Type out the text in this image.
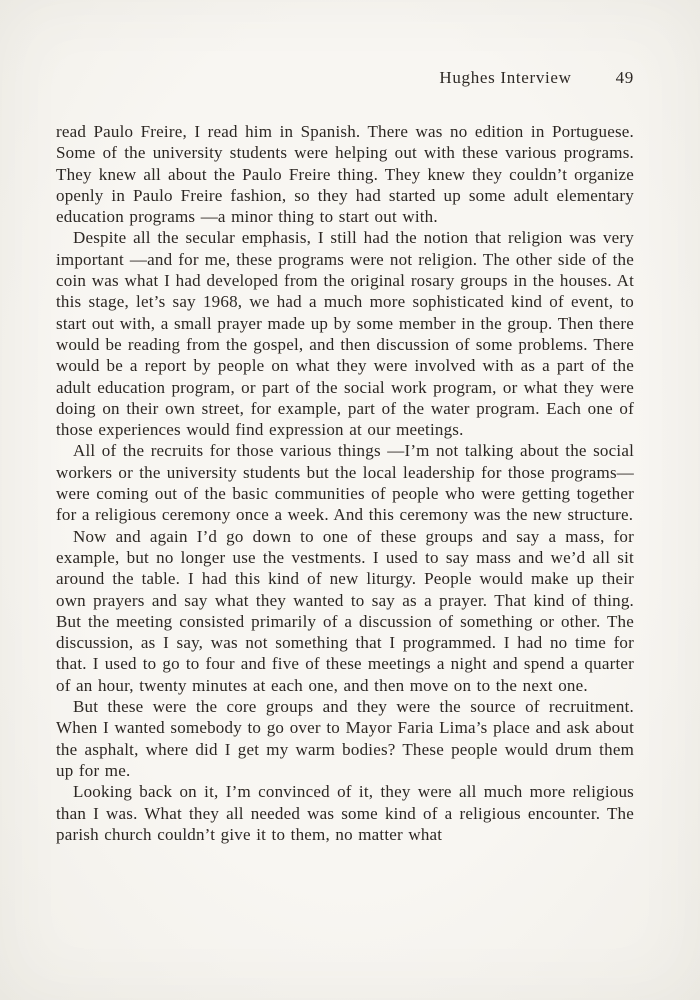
Hughes Interview	49

read Paulo Freire, I read him in Spanish. There was no edition in Portuguese. Some of the university students were helping out with these various programs. They knew all about the Paulo Freire thing. They knew they couldn’t organize openly in Paulo Freire fashion, so they had started up some adult elementary education programs —a minor thing to start out with.

Despite all the secular emphasis, I still had the notion that religion was very important —and for me, these programs were not religion. The other side of the coin was what I had developed from the original rosary groups in the houses. At this stage, let’s say 1968, we had a much more sophisticated kind of event, to start out with, a small prayer made up by some member in the group. Then there would be reading from the gospel, and then discussion of some problems. There would be a report by people on what they were involved with as a part of the adult education program, or part of the social work program, or what they were doing on their own street, for example, part of the water program. Each one of those experiences would find expression at our meetings.

All of the recruits for those various things —I’m not talking about the social workers or the university students but the local leadership for those programs— were coming out of the basic communities of people who were getting together for a religious ceremony once a week. And this ceremony was the new structure.

Now and again I’d go down to one of these groups and say a mass, for example, but no longer use the vestments. I used to say mass and we’d all sit around the table. I had this kind of new liturgy. People would make up their own prayers and say what they wanted to say as a prayer. That kind of thing. But the meeting consisted primarily of a discussion of something or other. The discussion, as I say, was not something that I programmed. I had no time for that. I used to go to four and five of these meetings a night and spend a quarter of an hour, twenty minutes at each one, and then move on to the next one.

But these were the core groups and they were the source of recruitment. When I wanted somebody to go over to Mayor Faria Lima’s place and ask about the asphalt, where did I get my warm bodies? These people would drum them up for me.

Looking back on it, I’m convinced of it, they were all much more religious than I was. What they all needed was some kind of a religious encounter. The parish church couldn’t give it to them, no matter what
